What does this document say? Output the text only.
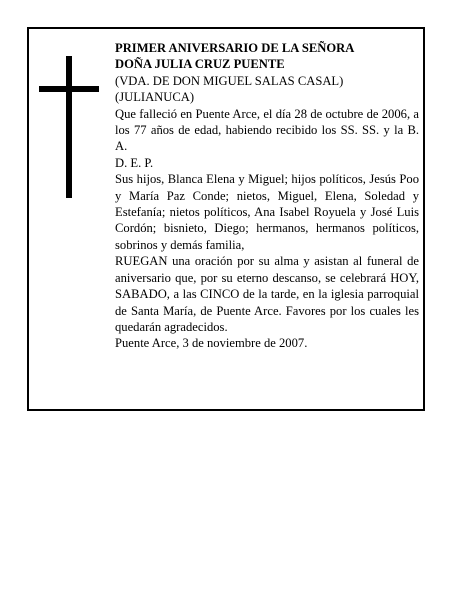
PRIMER ANIVERSARIO DE LA SEÑORA
DOÑA JULIA CRUZ PUENTE
(VDA. DE DON MIGUEL SALAS CASAL)
(JULIANUCA)
Que falleció en Puente Arce, el día 28 de octubre de 2006, a los 77 años de edad, habiendo recibido los SS. SS. y la B. A.
D. E. P.
Sus hijos, Blanca Elena y Miguel; hijos políticos, Jesús Poo y María Paz Conde; nietos, Miguel, Elena, Soledad y Estefanía; nietos políticos, Ana Isabel Royuela y José Luis Cordón; bisnieto, Diego; hermanos, hermanos políticos, sobrinos y demás familia,
RUEGAN una oración por su alma y asistan al funeral de aniversario que, por su eterno descanso, se celebrará HOY, SABADO, a las CINCO de la tarde, en la iglesia parroquial de Santa María, de Puente Arce. Favores por los cuales les quedarán agradecidos.
Puente Arce, 3 de noviembre de 2007.
